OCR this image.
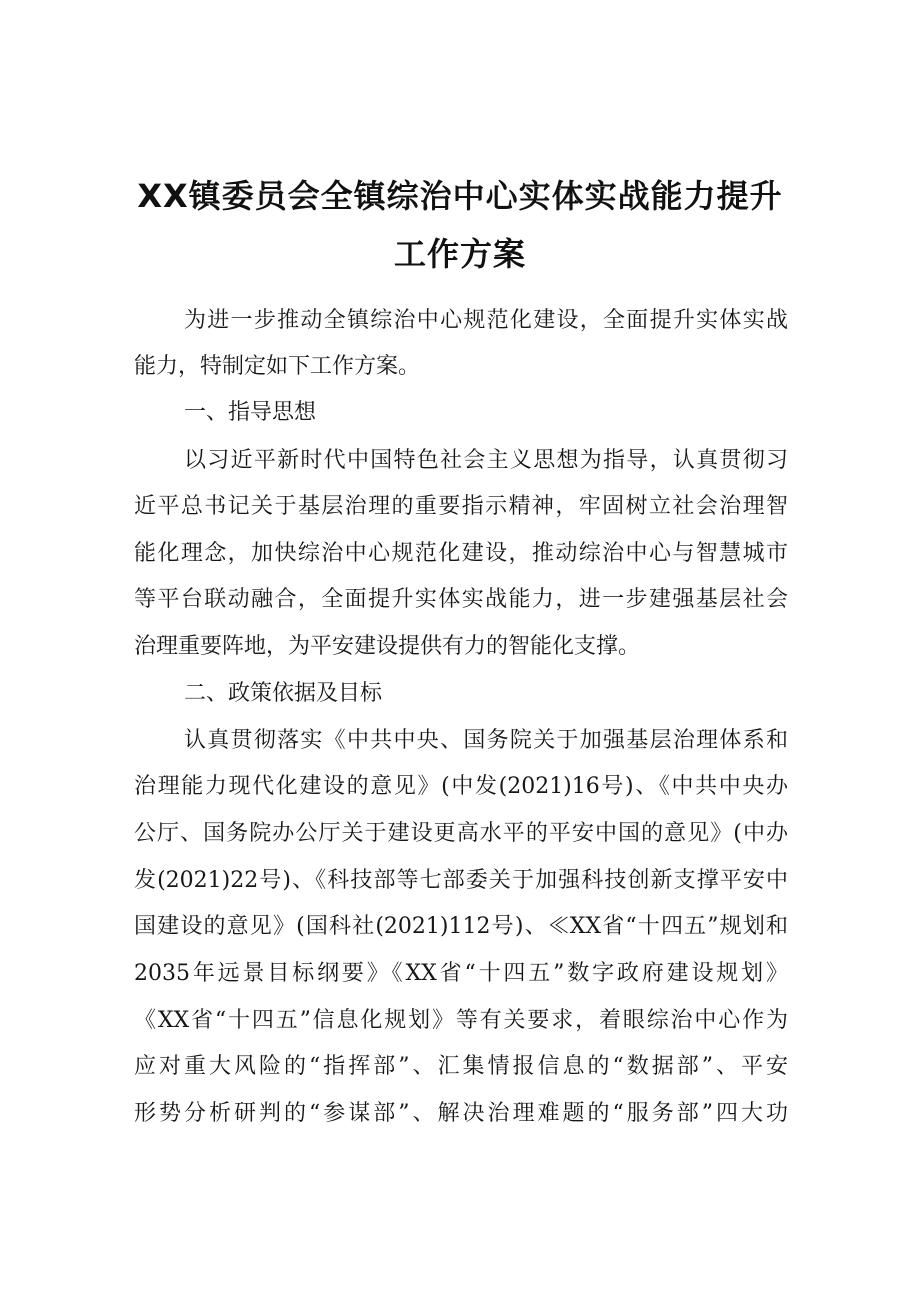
XX镇委员会全镇综治中心实体实战能力提升
工作方案
为进一步推动全镇综治中心规范化建设，全面提升实体实战
能力，特制定如下工作方案。
一、指导思想
以习近平新时代中国特色社会主义思想为指导，认真贯彻习
近平总书记关于基层治理的重要指示精神，牢固树立社会治理智
能化理念，加快综治中心规范化建设，推动综治中心与智慧城市
等平台联动融合，全面提升实体实战能力，进一步建强基层社会
治理重要阵地，为平安建设提供有力的智能化支撑。
二、政策依据及目标
认真贯彻落实《中共中央、国务院关于加强基层治理体系和
治理能力现代化建设的意见》(中发(2021)16号)、《中共中央办
公厅、国务院办公厅关于建设更高水平的平安中国的意见》(中办
发(2021)22号)、《科技部等七部委关于加强科技创新支撑平安中
国建设的意见》(国科社(2021)112号)、≪XX省“十四五”规划和
2035年远景目标纲要》《XX省“十四五”数字政府建设规划》
《XX省“十四五”信息化规划》等有关要求，着眼综治中心作为
应对重大风险的“指挥部”、汇集情报信息的“数据部”、平安
形势分析研判的“参谋部”、解决治理难题的“服务部”四大功
